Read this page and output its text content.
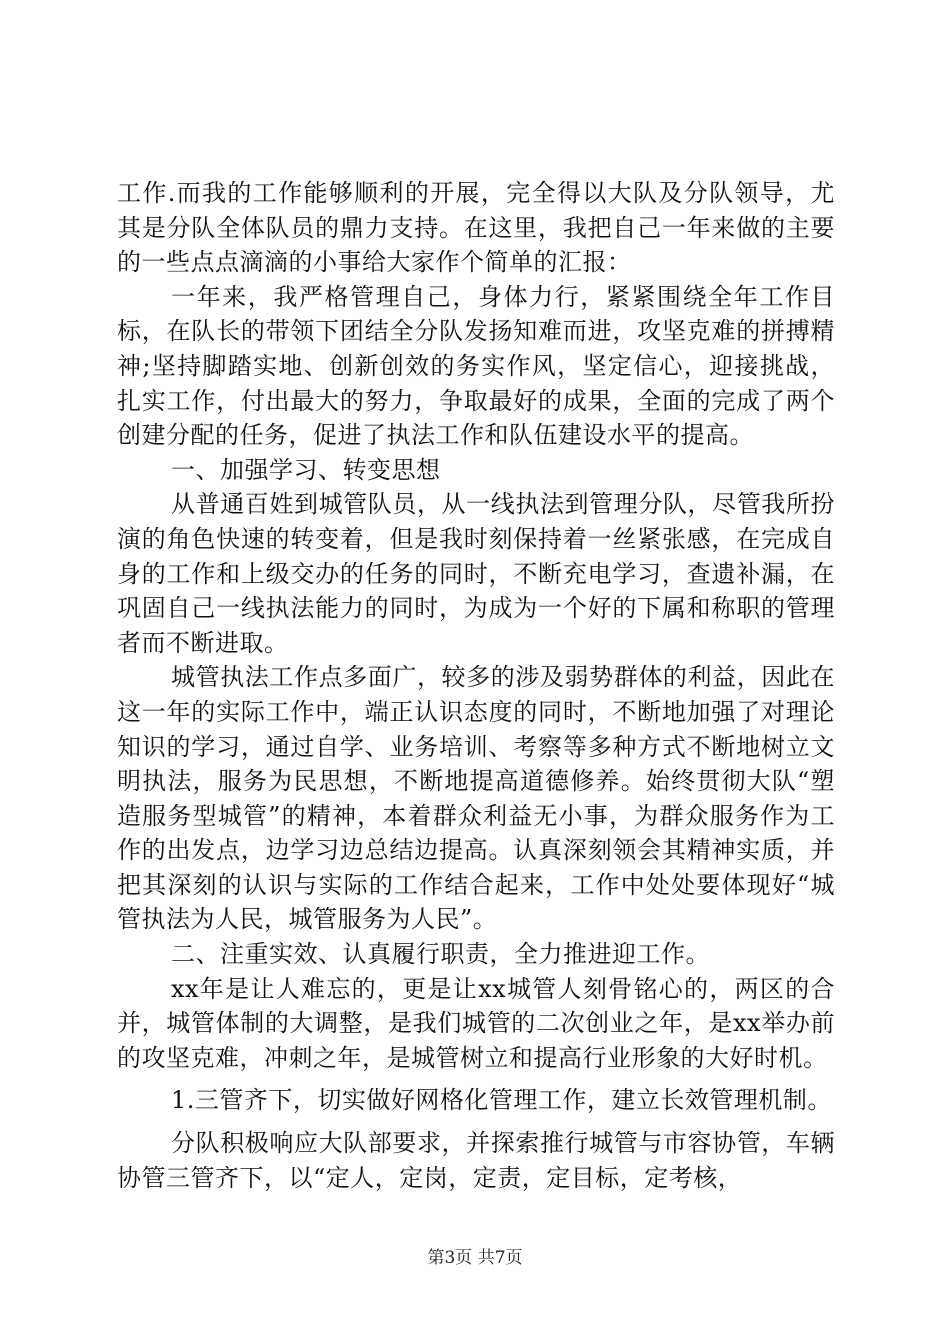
工作.而我的工作能够顺利的开展，完全得以大队及分队领导，尤其是分队全体队员的鼎力支持。在这里，我把自己一年来做的主要的一些点点滴滴的小事给大家作个简单的汇报：

一年来，我严格管理自己，身体力行，紧紧围绕全年工作目标，在队长的带领下团结全分队发扬知难而进，攻坚克难的拼搏精神;坚持脚踏实地、创新创效的务实作风，坚定信心，迎接挑战，扎实工作，付出最大的努力，争取最好的成果，全面的完成了两个创建分配的任务，促进了执法工作和队伍建设水平的提高。

一、加强学习、转变思想

从普通百姓到城管队员，从一线执法到管理分队，尽管我所扮演的角色快速的转变着，但是我时刻保持着一丝紧张感，在完成自身的工作和上级交办的任务的同时，不断充电学习，查遗补漏，在巩固自己一线执法能力的同时，为成为一个好的下属和称职的管理者而不断进取。

城管执法工作点多面广，较多的涉及弱势群体的利益，因此在这一年的实际工作中，端正认识态度的同时，不断地加强了对理论知识的学习，通过自学、业务培训、考察等多种方式不断地树立文明执法，服务为民思想，不断地提高道德修养。始终贯彻大队“塑造服务型城管”的精神，本着群众利益无小事，为群众服务作为工作的出发点，边学习边总结边提高。认真深刻领会其精神实质，并把其深刻的认识与实际的工作结合起来，工作中处处要体现好“城管执法为人民，城管服务为人民”。

二、注重实效、认真履行职责，全力推进迎工作。

xx年是让人难忘的，更是让xx城管人刻骨铭心的，两区的合并，城管体制的大调整，是我们城管的二次创业之年，是xx举办前的攻坚克难，冲刺之年，是城管树立和提高行业形象的大好时机。

1.三管齐下，切实做好网格化管理工作，建立长效管理机制。

分队积极响应大队部要求，并探索推行城管与市容协管，车辆协管三管齐下，以“定人，定岗，定责，定目标，定考核，

第3页 共7页
